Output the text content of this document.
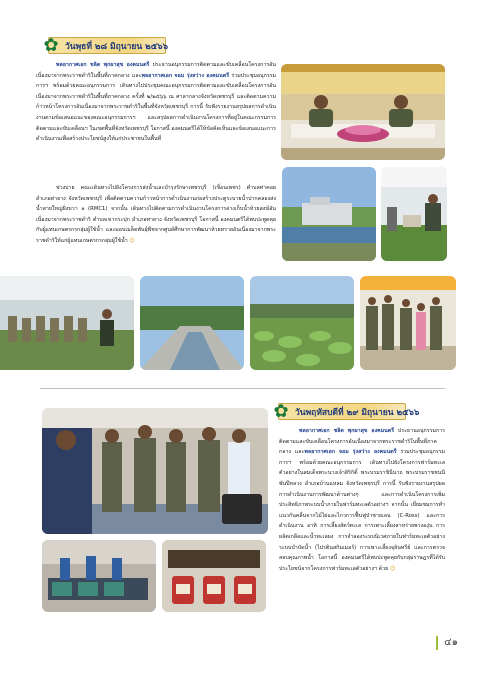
✿ วันพุธที่ ๒๘ มิถุนายน ๒๕๖๖
พลอากาศเอก ชลิต พุกผาสุข องคมนตรี ประธานอนุกรรมการติดตามและขับเคลื่อนโครงการอันเนื่องมาจากพระราชดำริในพื้นที่ภาคกลาง และพลอากาศเอก จอม รุ่งสว่าง องคมนตรี ร่วมประชุมอนุกรรมการฯ พร้อมด้วยคณะอนุกรรมการ เดินทางไปประชุมคณะอนุกรรมการติดตามและขับเคลื่อนโครงการอันเนื่องมาจากพระราชดำริในพื้นที่ภาคกลาง ครั้งที่ ๒/๒๕๖๖ ณ ศาลากลางจังหวัดเพชรบุรี และติดตามความก้าวหน้าโครงการอันเนื่องมาจากพระราชดำริในพื้นที่จังหวัดเพชรบุรี การนี้ รับฟังรายงานสรุปผลการดำเนินงานตามข้อเสนอแนะของคณะอนุกรรมการฯ และสรุปผลการดำเนินงานโครงการที่อยู่ในคณะกรรมการติดตามและขับเคลื่อนฯ ในเขตพื้นที่จังหวัดเพชรบุรี โอกาสนี้ องคมนตรีได้ให้ข้อคิดเห็นและข้อเสนอแนะการดำเนินงานเพื่อสร้างประโยชน์สูงให้แก่ประชาชนในพื้นที่
ช่วงบ่าย คณะเดินทางไปยังโครงการส่งน้ำและบำรุงรักษาเพชรบุรี (เขื่อนเพชร) ตำบลท่าคอย อำเภอท่ายาง จังหวัดเพชรบุรี เพื่อติดตามความก้าวหน้าการดำเนินงานก่อสร้างประตูระบายน้ำปากคลองส่งน้ำสายใหญ่ฝั่งขวา ๑ (RMC1) จากนั้น เดินทางไปติดตามการดำเนินงานโครงการอ่างเก็บน้ำห้วยสงฆ์อันเนื่องมาจากพระราชดำริ ตำบลเขากระปุก อำเภอท่ายาง จังหวัดเพชรบุรี โอกาสนี้ องคมนตรีได้พบปะพูดคุยกับผู้แทนเกษตรกรกลุ่มผู้ใช้น้ำ และมอบเมล็ดพันธุ์พืชจากศูนย์ศึกษาการพัฒนาห้วยทรายอันเนื่องมาจากพระราชดำริให้แก่ผู้แทนเกษตรกรกลุ่มผู้ใช้น้ำ ☺
✿ วันพฤหัสบดีที่ ๒๙ มิถุนายน ๒๕๖๖
พลอากาศเอก ชลิต พุกผาสุข องคมนตรี ประธานอนุกรรมการติดตามและขับเคลื่อนโครงการอันเนื่องมาจากพระราชดำริในพื้นที่ภาคกลาง และพลอากาศเอก จอม รุ่งสว่าง องคมนตรี ร่วมประชุมอนุกรรมการฯ พร้อมด้วยคณะอนุกรรมการ เดินทางไปยังโครงการฟาร์มทะเลตัวอย่างในสมเด็จพระนางเจ้าสิริกิติ์ พระบรมราชินีนาถ พระบรมราชชนนีพันปีหลวง อำเภอบ้านแหลม จังหวัดเพชรบุรี การนี้ รับฟังรายงานสรุปผลการดำเนินงานการพัฒนาด้านต่างๆ และการดำเนินโครงการเพิ่มประสิทธิภาพระบบน้ำภายในฟาร์มทะเลตัวอย่างฯ จากนั้น เยี่ยมชมการทำแนวกันคลื่นจากไม้ไผ่และไกวการฟื้นฟูป่าชายเลน (C-Ross) และการดำเนินงาน อาทิ การเลี้ยงสัตว์ทะเล การเพาะเลี้ยงสาหร่ายพวงองุ่น การผลิตเกลือและน้ำทะเลผง การจำลองระบบนิเวศภายในฟาร์มทะเลตัวอย่าง ระบบบำบัดน้ำ (ไปรตินสกิมเมอร์) การเพาะเลี้ยงจุลินทรีย์ และการตรวจสอบคุณภาพน้ำ โอกาสนี้ องคมนตรีได้พบปะพูดคุยกับกลุ่มราษฎรที่ได้รับประโยชน์จากโครงการฟาร์มทะเลตัวอย่างฯ ด้วย ☺
๔๑
